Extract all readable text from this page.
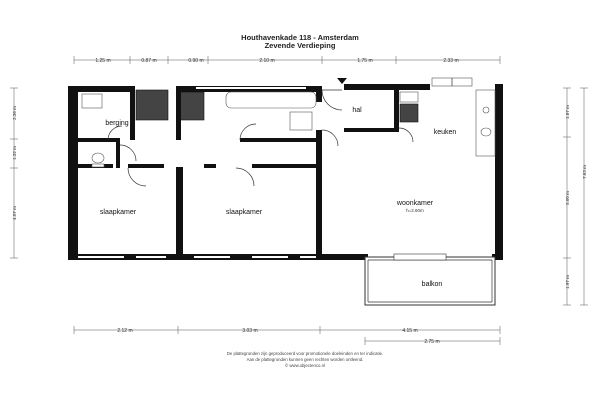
Houthavenkade 118 - Amsterdam
Zevende Verdieping
1.25 m	0.87 m	0.90 m	2.10 m	1.75 m	2.33 m
2.36 m
1.32 m
4.07 m
1.87 m
5.00 m
1.97 m
7.63 m
2.12 m	3.03 m	4.15 m
2.75 m
berging
hal
keuken
slaapkamer	slaapkamer
woonkamer
h=2.60m
balkon
De plattegronden zijn geproduceerd voor promotionele doeleinden en ter indicatie.
Aan de plattegronden kunnen geen rechten worden ontleend.
© www.objectenco.nl
